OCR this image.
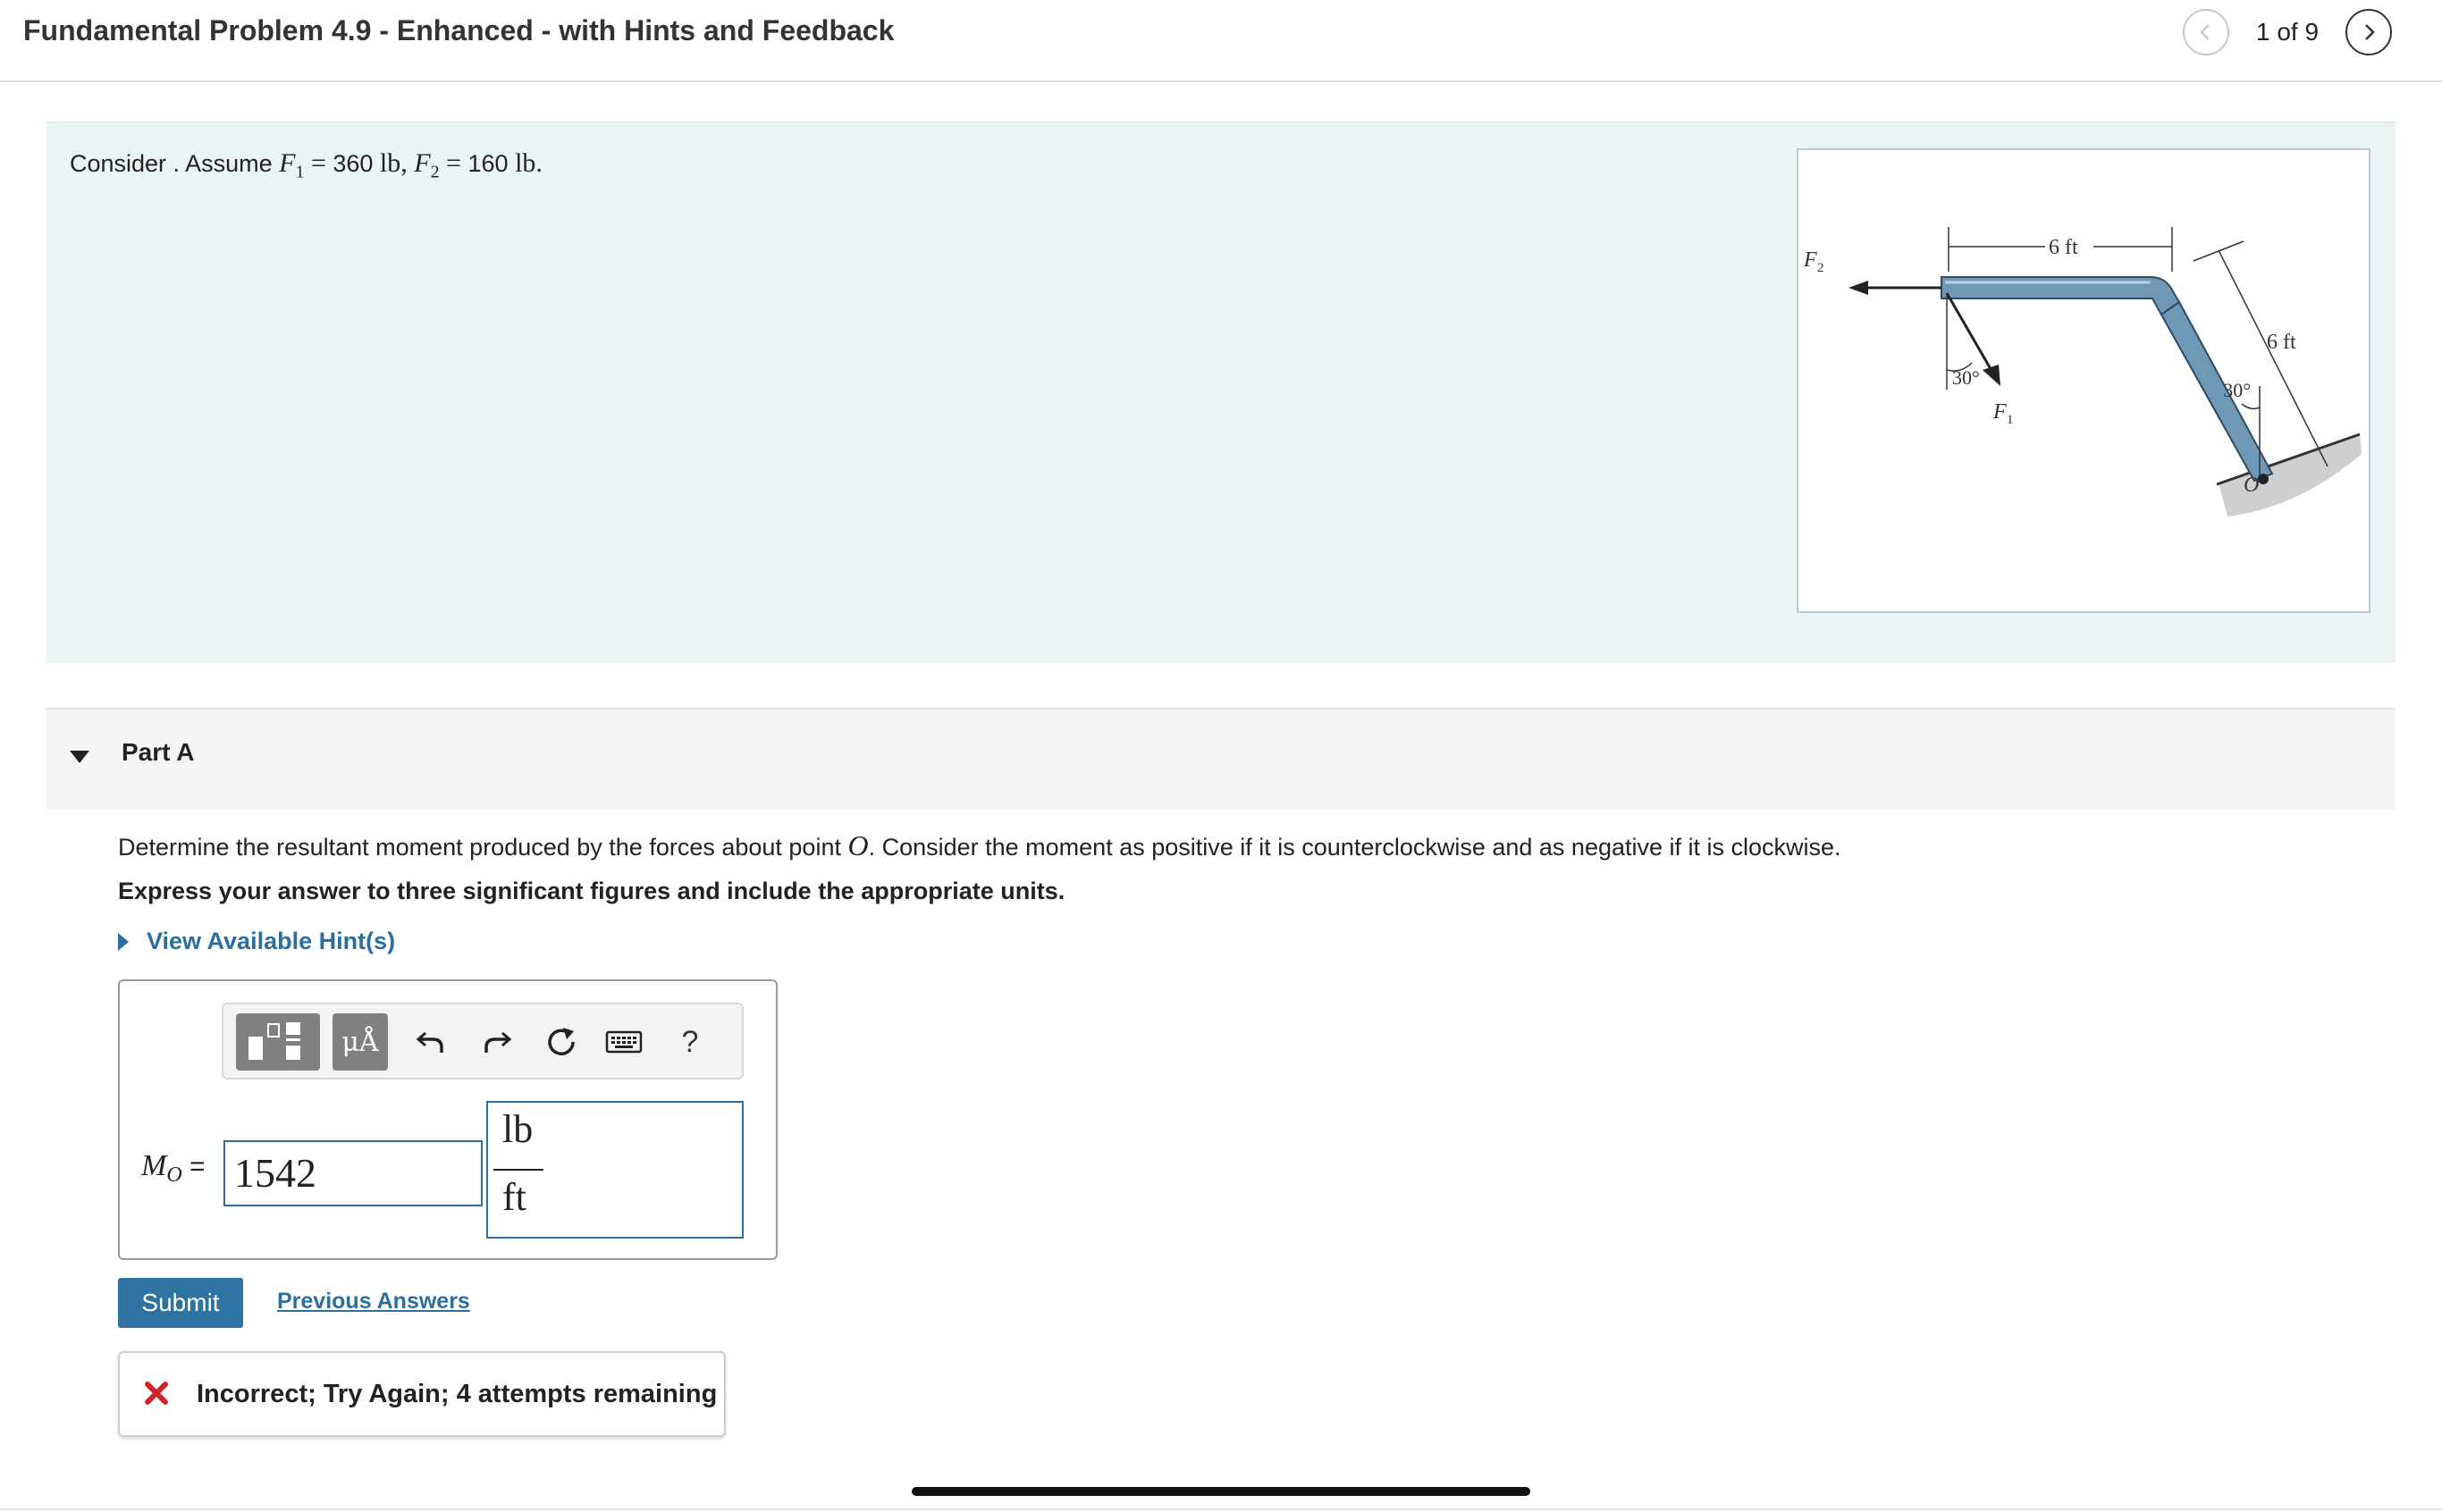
Fundamental Problem 4.9 - Enhanced - with Hints and Feedback	1 of 9
Consider . Assume $F_1 = 360$ lb, $F_2 = 160$ lb.
F 2
30°
F 1
6 ft
6 ft
30°
O
Part A
Determine the resultant moment produced by the forces about point O. Consider the moment as positive if it is counterclockwise and as negative if it is clockwise.
Express your answer to three significant figures and include the appropriate units.
View Available Hint(s)
μÅ	?
$M_O = 1542$
lb
ft
Submit	Previous Answers
Incorrect; Try Again; 4 attempts remaining
